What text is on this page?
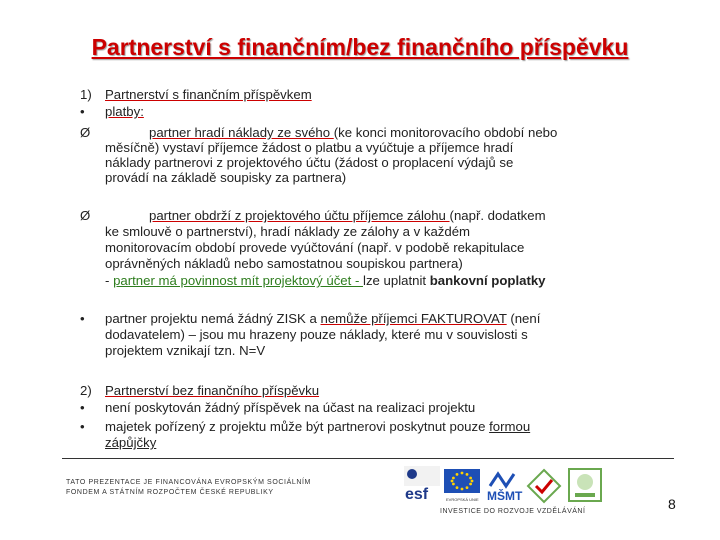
Partnerství s finančním/bez finančního příspěvku
1) Partnerství s finančním příspěvkem
• platby:
Ø	partner hradí náklady ze svého (ke konci monitorovacího období nebo
měsíčně) vystaví příjemce žádost o platbu a vyúčtuje a příjemce hradí
náklady partnerovi z projektového účtu (žádost o proplacení výdajů se
provádí na základě soupisky za partnera)
Ø	partner obdrží z projektového účtu příjemce zálohu (např. dodatkem
ke smlouvě o partnerství), hradí náklady ze zálohy a v každém
monitorovacím období provede vyúčtování (např. v podobě rekapitulace
oprávněných nákladů nebo samostatnou soupiskou partnera)
- partner má povinnost mít projektový účet - lze uplatnit bankovní poplatky
• partner projektu nemá žádný ZISK a nemůže příjemci FAKTUROVAT (není
dodavatelem) – jsou mu hrazeny pouze náklady, které mu v souvislosti s
projektem vznikají tzn. N=V
2) Partnerství bez finančního příspěvku
• není poskytován žádný příspěvek na účast na realizaci projektu
• majetek pořízený z projektu může být partnerovi poskytnut pouze formou
zápůjčky
TATO PREZENTACE JE FINANCOVÁNA EVROPSKÝM SOCIÁLNÍM
FONDEM A STÁTNÍM ROZPOČTEM ČESKÉ REPUBLIKY	esf	EVROPSKÁ UNIE MŠMT
INVESTICE DO ROZVOJE VZDĚLÁVÁNÍ	8
